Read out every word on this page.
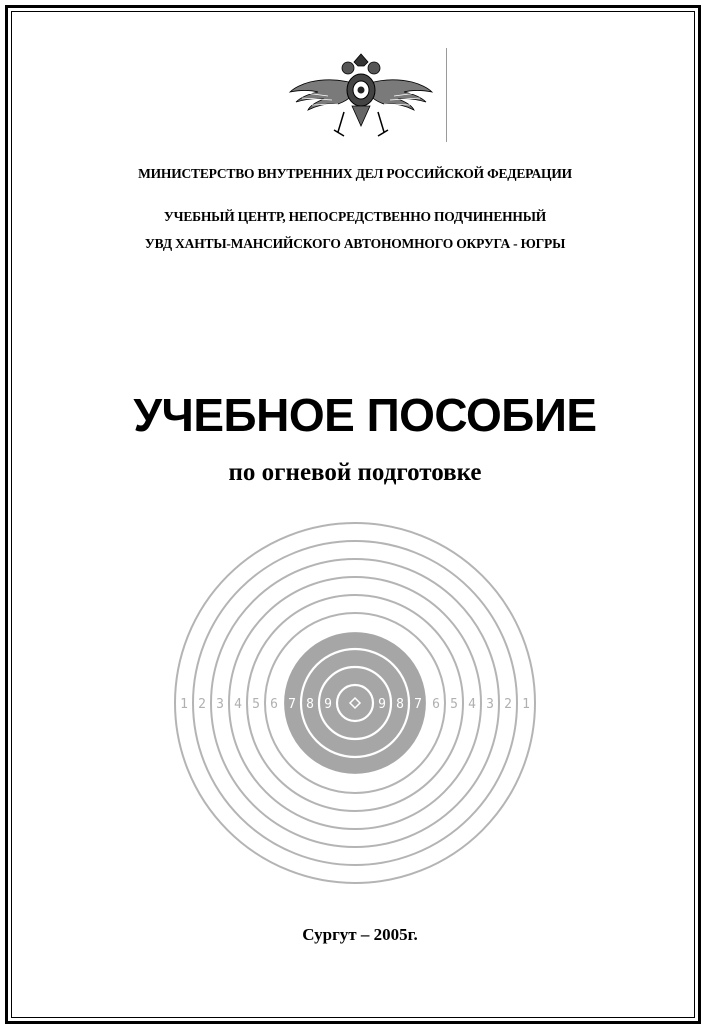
МИНИСТЕРСТВО ВНУТРЕННИХ ДЕЛ РОССИЙСКОЙ ФЕДЕРАЦИИ
УЧЕБНЫЙ ЦЕНТР, НЕПОСРЕДСТВЕННО ПОДЧИНЕННЫЙ
УВД ХАНТЫ-МАНСИЙСКОГО АВТОНОМНОГО ОКРУГА - ЮГРЫ
УЧЕБНОЕ ПОСОБИЕ
по огневой подготовке
1 2 3 4 5 6 7 8 9	9 8 7 6 5 4 3 2 1
Сургут – 2005г.
